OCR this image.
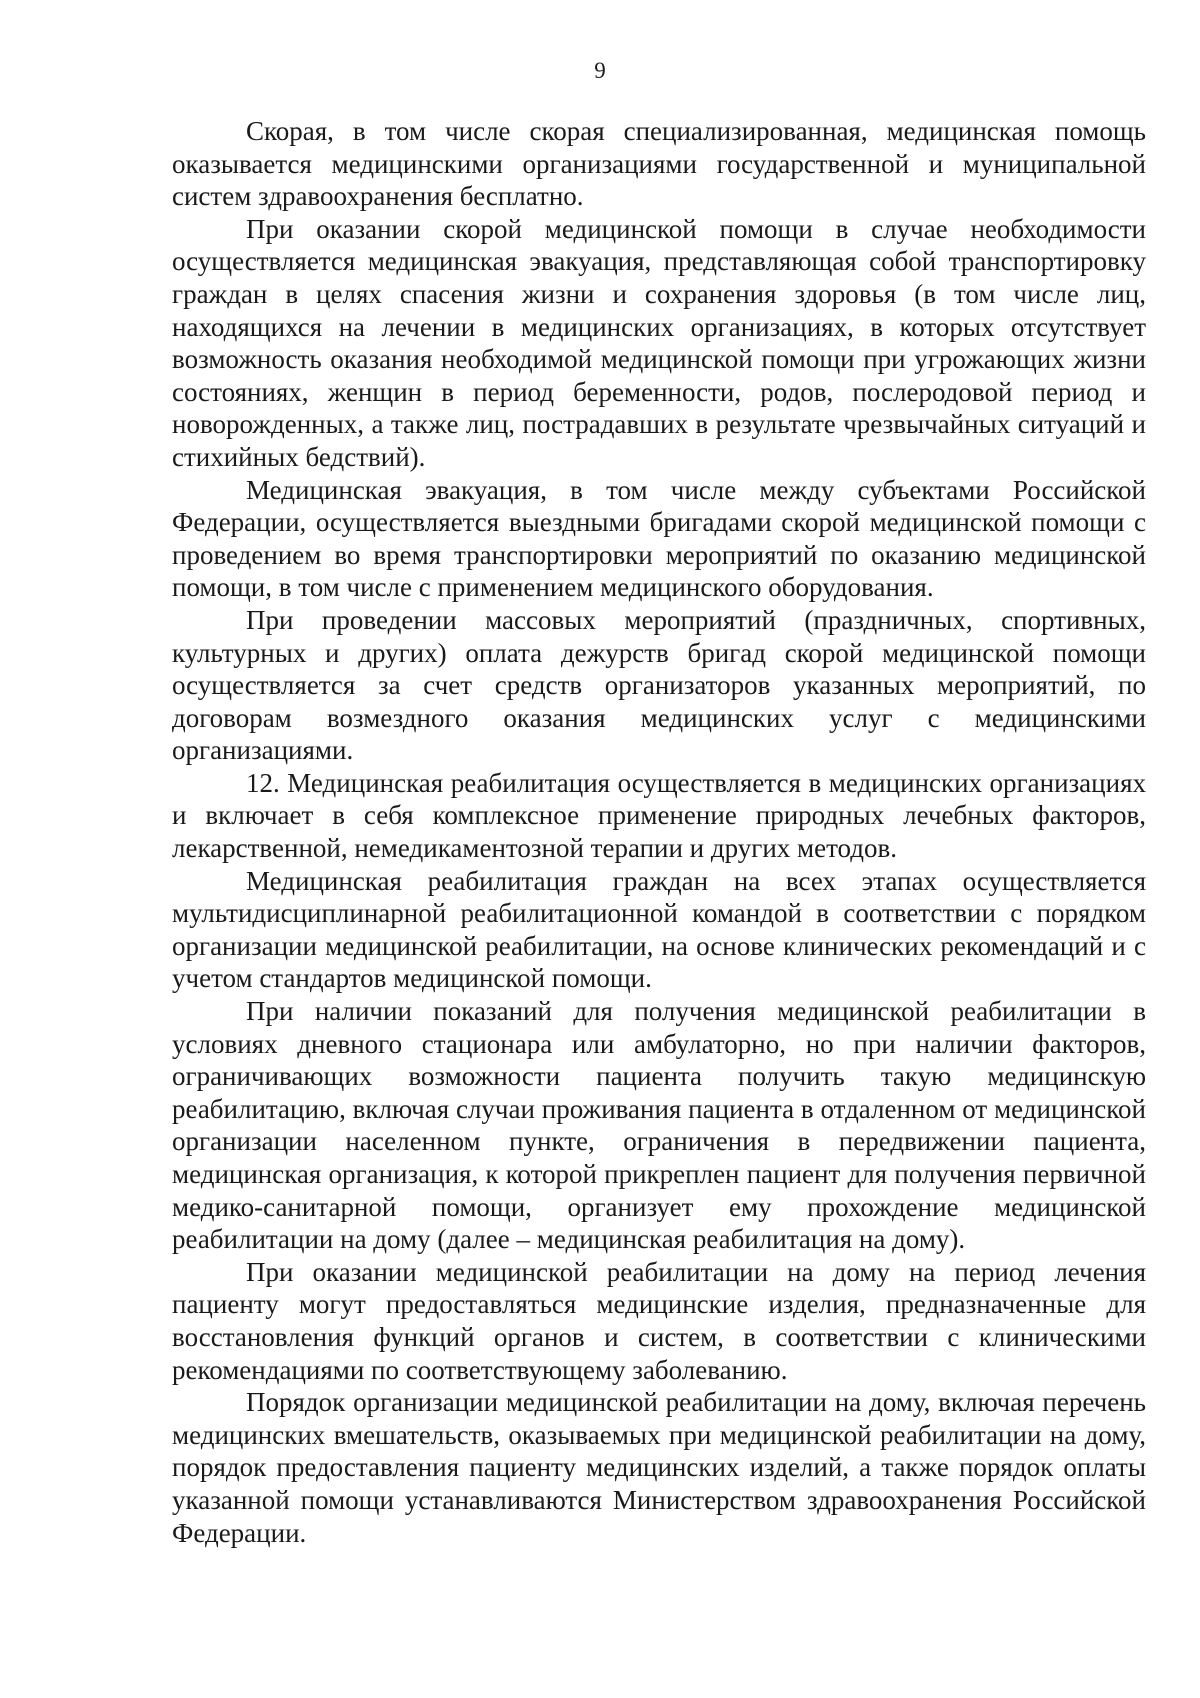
9

Скорая, в том числе скорая специализированная, медицинская помощь оказывается медицинскими организациями государственной и муниципальной систем здравоохранения бесплатно.

При оказании скорой медицинской помощи в случае необходимости осуществляется медицинская эвакуация, представляющая собой транспортировку граждан в целях спасения жизни и сохранения здоровья (в том числе лиц, находящихся на лечении в медицинских организациях, в которых отсутствует возможность оказания необходимой медицинской помощи при угрожающих жизни состояниях, женщин в период беременности, родов, послеродовой период и новорожденных, а также лиц, пострадавших в результате чрезвычайных ситуаций и стихийных бедствий).

Медицинская эвакуация, в том числе между субъектами Российской Федерации, осуществляется выездными бригадами скорой медицинской помощи с проведением во время транспортировки мероприятий по оказанию медицинской помощи, в том числе с применением медицинского оборудования.

При проведении массовых мероприятий (праздничных, спортивных, культурных и других) оплата дежурств бригад скорой медицинской помощи осуществляется за счет средств организаторов указанных мероприятий, по договорам возмездного оказания медицинских услуг с медицинскими организациями.

12. Медицинская реабилитация осуществляется в медицинских организациях и включает в себя комплексное применение природных лечебных факторов, лекарственной, немедикаментозной терапии и других методов.

Медицинская реабилитация граждан на всех этапах осуществляется мультидисциплинарной реабилитационной командой в соответствии с порядком организации медицинской реабилитации, на основе клинических рекомендаций и с учетом стандартов медицинской помощи.

При наличии показаний для получения медицинской реабилитации в условиях дневного стационара или амбулаторно, но при наличии факторов, ограничивающих возможности пациента получить такую медицинскую реабилитацию, включая случаи проживания пациента в отдаленном от медицинской организации населенном пункте, ограничения в передвижении пациента, медицинская организация, к которой прикреплен пациент для получения первичной медико-санитарной помощи, организует ему прохождение медицинской реабилитации на дому (далее – медицинская реабилитация на дому).

При оказании медицинской реабилитации на дому на период лечения пациенту могут предоставляться медицинские изделия, предназначенные для восстановления функций органов и систем, в соответствии с клиническими рекомендациями по соответствующему заболеванию.

Порядок организации медицинской реабилитации на дому, включая перечень медицинских вмешательств, оказываемых при медицинской реабилитации на дому, порядок предоставления пациенту медицинских изделий, а также порядок оплаты указанной помощи устанавливаются Министерством здравоохранения Российской Федерации.
